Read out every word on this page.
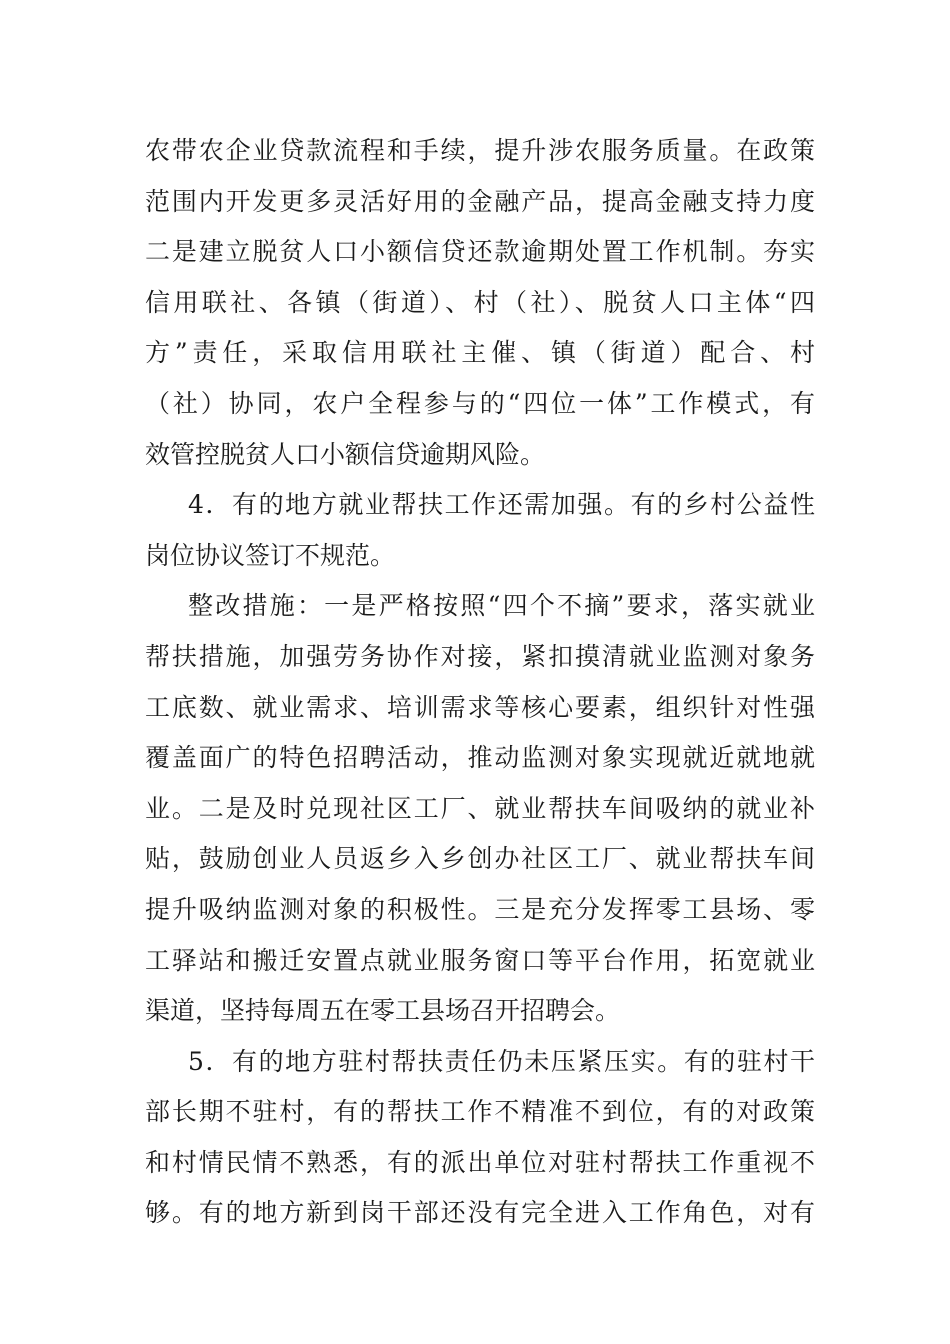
农带农企业贷款流程和手续，提升涉农服务质量。在政策
范围内开发更多灵活好用的金融产品，提高金融支持力度
二是建立脱贫人口小额信贷还款逾期处置工作机制。夯实
信用联社、各镇（街道）、村（社）、脱贫人口主体“四
方”责任，采取信用联社主催、镇（街道）配合、村
（社）协同，农户全程参与的“四位一体”工作模式，有
效管控脱贫人口小额信贷逾期风险。
4．有的地方就业帮扶工作还需加强。有的乡村公益性
岗位协议签订不规范。
整改措施：一是严格按照“四个不摘”要求，落实就业
帮扶措施，加强劳务协作对接，紧扣摸清就业监测对象务
工底数、就业需求、培训需求等核心要素，组织针对性强
覆盖面广的特色招聘活动，推动监测对象实现就近就地就
业。二是及时兑现社区工厂、就业帮扶车间吸纳的就业补
贴，鼓励创业人员返乡入乡创办社区工厂、就业帮扶车间
提升吸纳监测对象的积极性。三是充分发挥零工县场、零
工驿站和搬迁安置点就业服务窗口等平台作用，拓宽就业
渠道，坚持每周五在零工县场召开招聘会。
5．有的地方驻村帮扶责任仍未压紧压实。有的驻村干
部长期不驻村，有的帮扶工作不精准不到位，有的对政策
和村情民情不熟悉，有的派出单位对驻村帮扶工作重视不
够。有的地方新到岗干部还没有完全进入工作角色，对有
